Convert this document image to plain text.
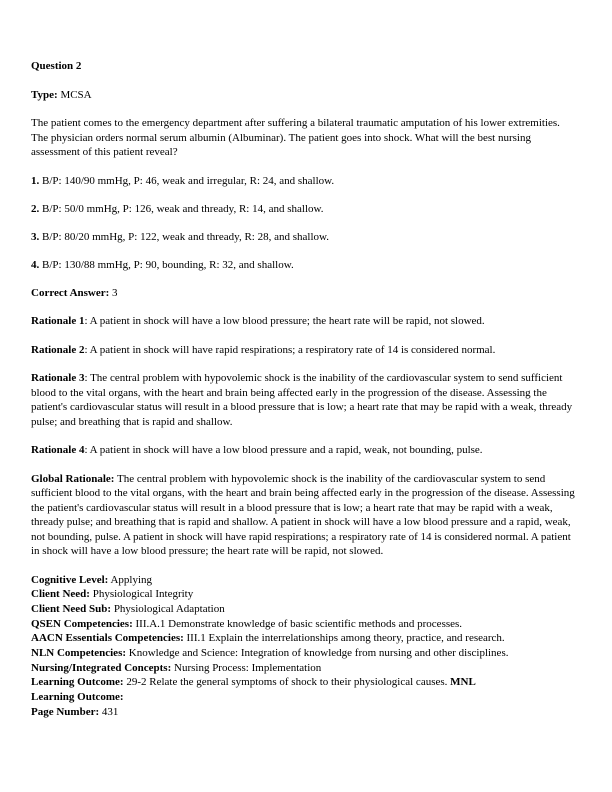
Question 2

Type: MCSA

The patient comes to the emergency department after suffering a bilateral traumatic amputation of his lower extremities. The physician orders normal serum albumin (Albuminar). The patient goes into shock. What will the best nursing assessment of this patient reveal?

1. B/P: 140/90 mmHg, P: 46, weak and irregular, R: 24, and shallow.

2. B/P: 50/0 mmHg, P: 126, weak and thready, R: 14, and shallow.

3. B/P: 80/20 mmHg, P: 122, weak and thready, R: 28, and shallow.

4. B/P: 130/88 mmHg, P: 90, bounding, R: 32, and shallow.

Correct Answer: 3

Rationale 1: A patient in shock will have a low blood pressure; the heart rate will be rapid, not slowed.

Rationale 2: A patient in shock will have rapid respirations; a respiratory rate of 14 is considered normal.

Rationale 3: The central problem with hypovolemic shock is the inability of the cardiovascular system to send sufficient blood to the vital organs, with the heart and brain being affected early in the progression of the disease. Assessing the patient's cardiovascular status will result in a blood pressure that is low; a heart rate that may be rapid with a weak, thready pulse; and breathing that is rapid and shallow.

Rationale 4: A patient in shock will have a low blood pressure and a rapid, weak, not bounding, pulse.

Global Rationale: The central problem with hypovolemic shock is the inability of the cardiovascular system to send sufficient blood to the vital organs, with the heart and brain being affected early in the progression of the disease. Assessing the patient's cardiovascular status will result in a blood pressure that is low; a heart rate that may be rapid with a weak, thready pulse; and breathing that is rapid and shallow. A patient in shock will have a low blood pressure and a rapid, weak, not bounding, pulse. A patient in shock will have rapid respirations; a respiratory rate of 14 is considered normal. A patient in shock will have a low blood pressure; the heart rate will be rapid, not slowed.

Cognitive Level: Applying

Client Need: Physiological Integrity

Client Need Sub: Physiological Adaptation

QSEN Competencies: III.A.1 Demonstrate knowledge of basic scientific methods and processes.

AACN Essentials Competencies: III.1 Explain the interrelationships among theory, practice, and research.

NLN Competencies: Knowledge and Science: Integration of knowledge from nursing and other disciplines.

Nursing/Integrated Concepts: Nursing Process: Implementation

Learning Outcome: 29-2 Relate the general symptoms of shock to their physiological causes. MNL

Learning Outcome:

Page Number: 431
